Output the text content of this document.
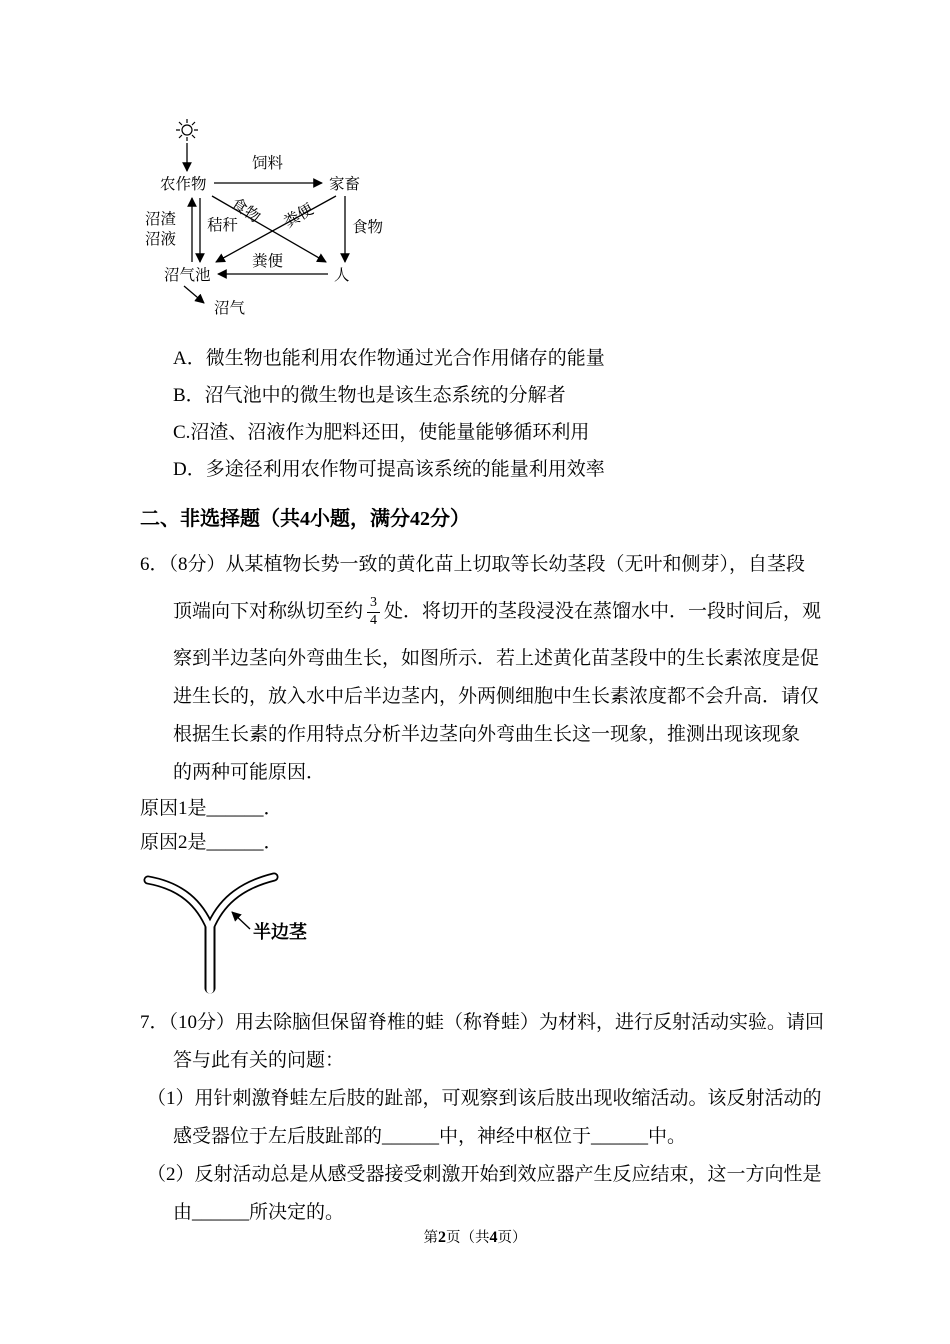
农作物	家畜
沼气池	人
沼气
饲料
食物 粪便
沼渣
沼液
秸秆	食物
粪便
A．微生物也能利用农作物通过光合作用储存的能量
B．沼气池中的微生物也是该生态系统的分解者
C.沼渣、沼液作为肥料还田，使能量能够循环利用
D．多途径利用农作物可提高该系统的能量利用效率
二、非选择题（共4小题，满分42分）
6．（8分）从某植物长势一致的黄化苗上切取等长幼茎段（无叶和侧芽），自茎段
顶端向下对称纵切至约 $\frac{3}{4}$ 处．将切开的茎段浸没在蒸馏水中．一段时间后，观
察到半边茎向外弯曲生长，如图所示．若上述黄化苗茎段中的生长素浓度是促
进生长的，放入水中后半边茎内，外两侧细胞中生长素浓度都不会升高．请仅
根据生长素的作用特点分析半边茎向外弯曲生长这一现象，推测出现该现象
的两种可能原因．
原因1是______．
原因2是______．
半边茎
7．（10分）用去除脑但保留脊椎的蛙（称脊蛙）为材料，进行反射活动实验。请回
答与此有关的问题：
（1）用针刺激脊蛙左后肢的趾部，可观察到该后肢出现收缩活动。该反射活动的
感受器位于左后肢趾部的______中，神经中枢位于______中。
（2）反射活动总是从感受器接受刺激开始到效应器产生反应结束，这一方向性是
由______所决定的。
第2页（共4页）
